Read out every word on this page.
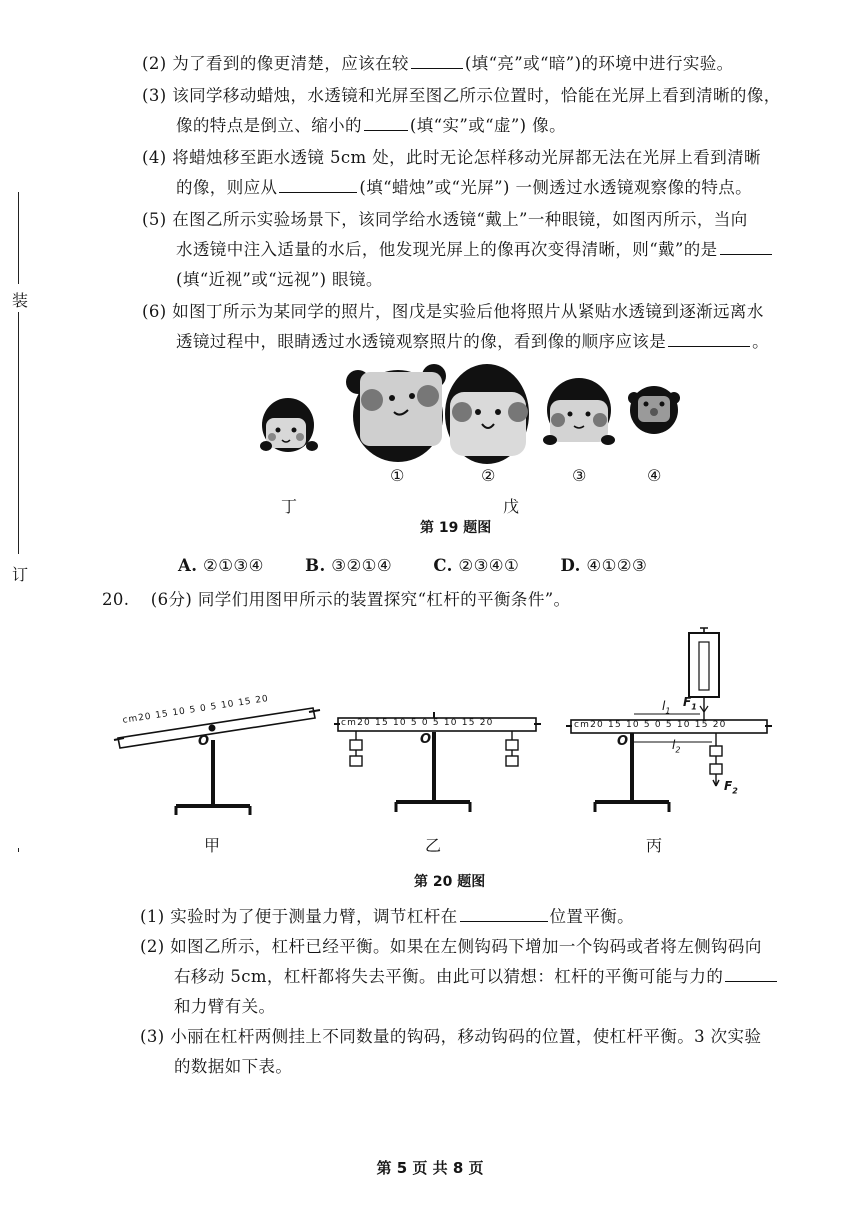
装
订
(2) 为了看到的像更清楚，应该在较	(填“亮”或“暗”)的环境中进行实验。
(3) 该同学移动蜡烛，水透镜和光屏至图乙所示位置时，恰能在光屏上看到清晰的像，
像的特点是倒立、缩小的	(填“实”或“虚”) 像。
(4) 将蜡烛移至距水透镜 5cm 处，此时无论怎样移动光屏都无法在光屏上看到清晰
的像，则应从	(填“蜡烛”或“光屏”) 一侧透过水透镜观察像的特点。
(5) 在图乙所示实验场景下，该同学给水透镜“戴上”一种眼镜，如图丙所示，当向
水透镜中注入适量的水后，他发现光屏上的像再次变得清晰，则“戴”的是
(填“近视”或“远视”) 眼镜。
(6) 如图丁所示为某同学的照片，图戊是实验后他将照片从紧贴水透镜到逐渐远离水
透镜过程中，眼睛透过水透镜观察照片的像，看到像的顺序应该是	。
①	②	③	④
丁	戊
第 19 题图
A. ②①③④	B. ③②①④	C. ②③④①	D. ④①②③
20. (6分) 同学们用图甲所示的装置探究“杠杆的平衡条件”。
cm20 15 10 5 0 5 10 15 20
cm20 15 10 5 0 5 10 15 20	cm20 15 10 5 0 5 10 15 20
O	O	O
$F_1$
$F_2$
$l_1$
$l_2$
甲	乙	丙
第 20 题图
(1) 实验时为了便于测量力臂，调节杠杆在	位置平衡。
(2) 如图乙所示，杠杆已经平衡。如果在左侧钩码下增加一个钩码或者将左侧钩码向
右移动 5cm，杠杆都将失去平衡。由此可以猜想：杠杆的平衡可能与力的
和力臂有关。
(3) 小丽在杠杆两侧挂上不同数量的钩码，移动钩码的位置，使杠杆平衡。3 次实验
的数据如下表。
第 5 页 共 8 页
